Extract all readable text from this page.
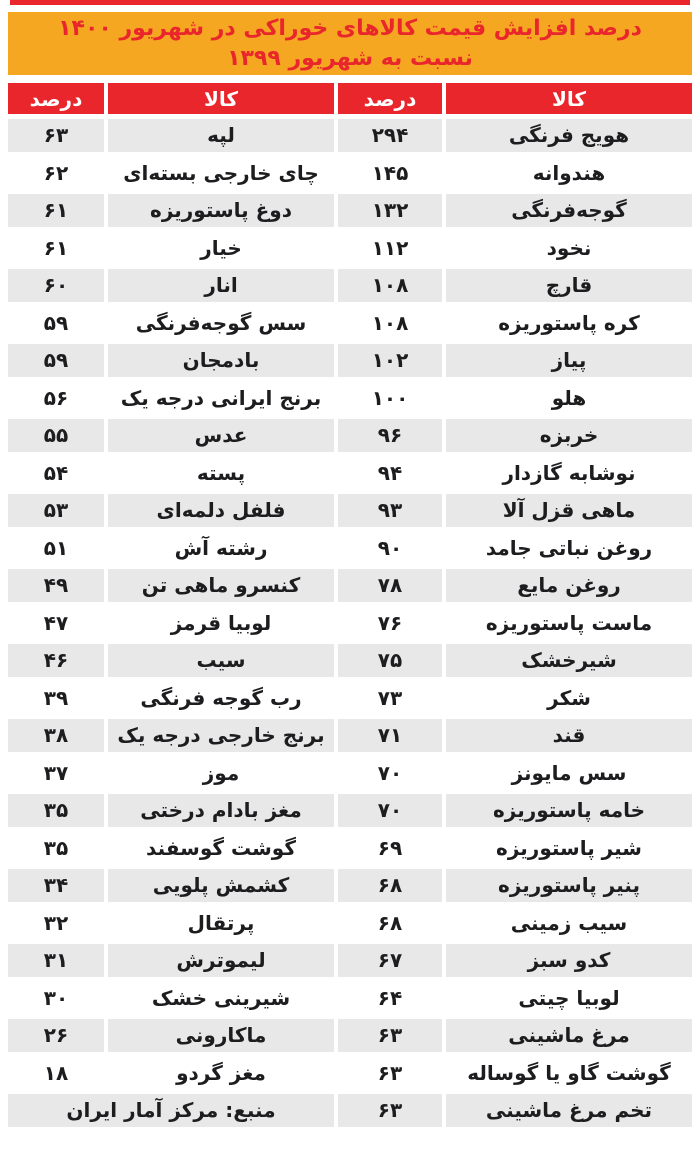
درصد افزایش قیمت کالاهای خوراکی در شهریور ۱۴۰۰
نسبت به شهریور ۱۳۹۹
کالا
درصد
کالا
درصد
هویج فرنگی
۲۹۴
لپه
۶۳
هندوانه
۱۴۵
چای خارجی بسته‌ای
۶۲
گوجه‌فرنگی
۱۳۲
دوغ پاستوریزه
۶۱
نخود
۱۱۲
خیار
۶۱
قارچ
۱۰۸
انار
۶۰
کره پاستوریزه
۱۰۸
سس گوجه‌فرنگی
۵۹
پیاز
۱۰۲
بادمجان
۵۹
هلو
۱۰۰
برنج ایرانی درجه یک
۵۶
خربزه
۹۶
عدس
۵۵
نوشابه گازدار
۹۴
پسته
۵۴
ماهی قزل آلا
۹۳
فلفل دلمه‌ای
۵۳
روغن نباتی جامد
۹۰
رشته آش
۵۱
روغن مایع
۷۸
کنسرو ماهی تن
۴۹
ماست پاستوریزه
۷۶
لوبیا قرمز
۴۷
شیرخشک
۷۵
سیب
۴۶
شکر
۷۳
رب گوجه فرنگی
۳۹
قند
۷۱
برنج خارجی درجه یک
۳۸
سس مایونز
۷۰
موز
۳۷
خامه پاستوریزه
۷۰
مغز بادام درختی
۳۵
شیر پاستوریزه
۶۹
گوشت گوسفند
۳۵
پنیر پاستوریزه
۶۸
کشمش پلویی
۳۴
سیب زمینی
۶۸
پرتقال
۳۲
کدو سبز
۶۷
لیموترش
۳۱
لوبیا چیتی
۶۴
شیرینی خشک
۳۰
مرغ ماشینی
۶۳
ماکارونی
۲۶
گوشت گاو یا گوساله
۶۳
مغز گردو
۱۸
تخم مرغ ماشینی
۶۳
منبع: مرکز آمار ایران
